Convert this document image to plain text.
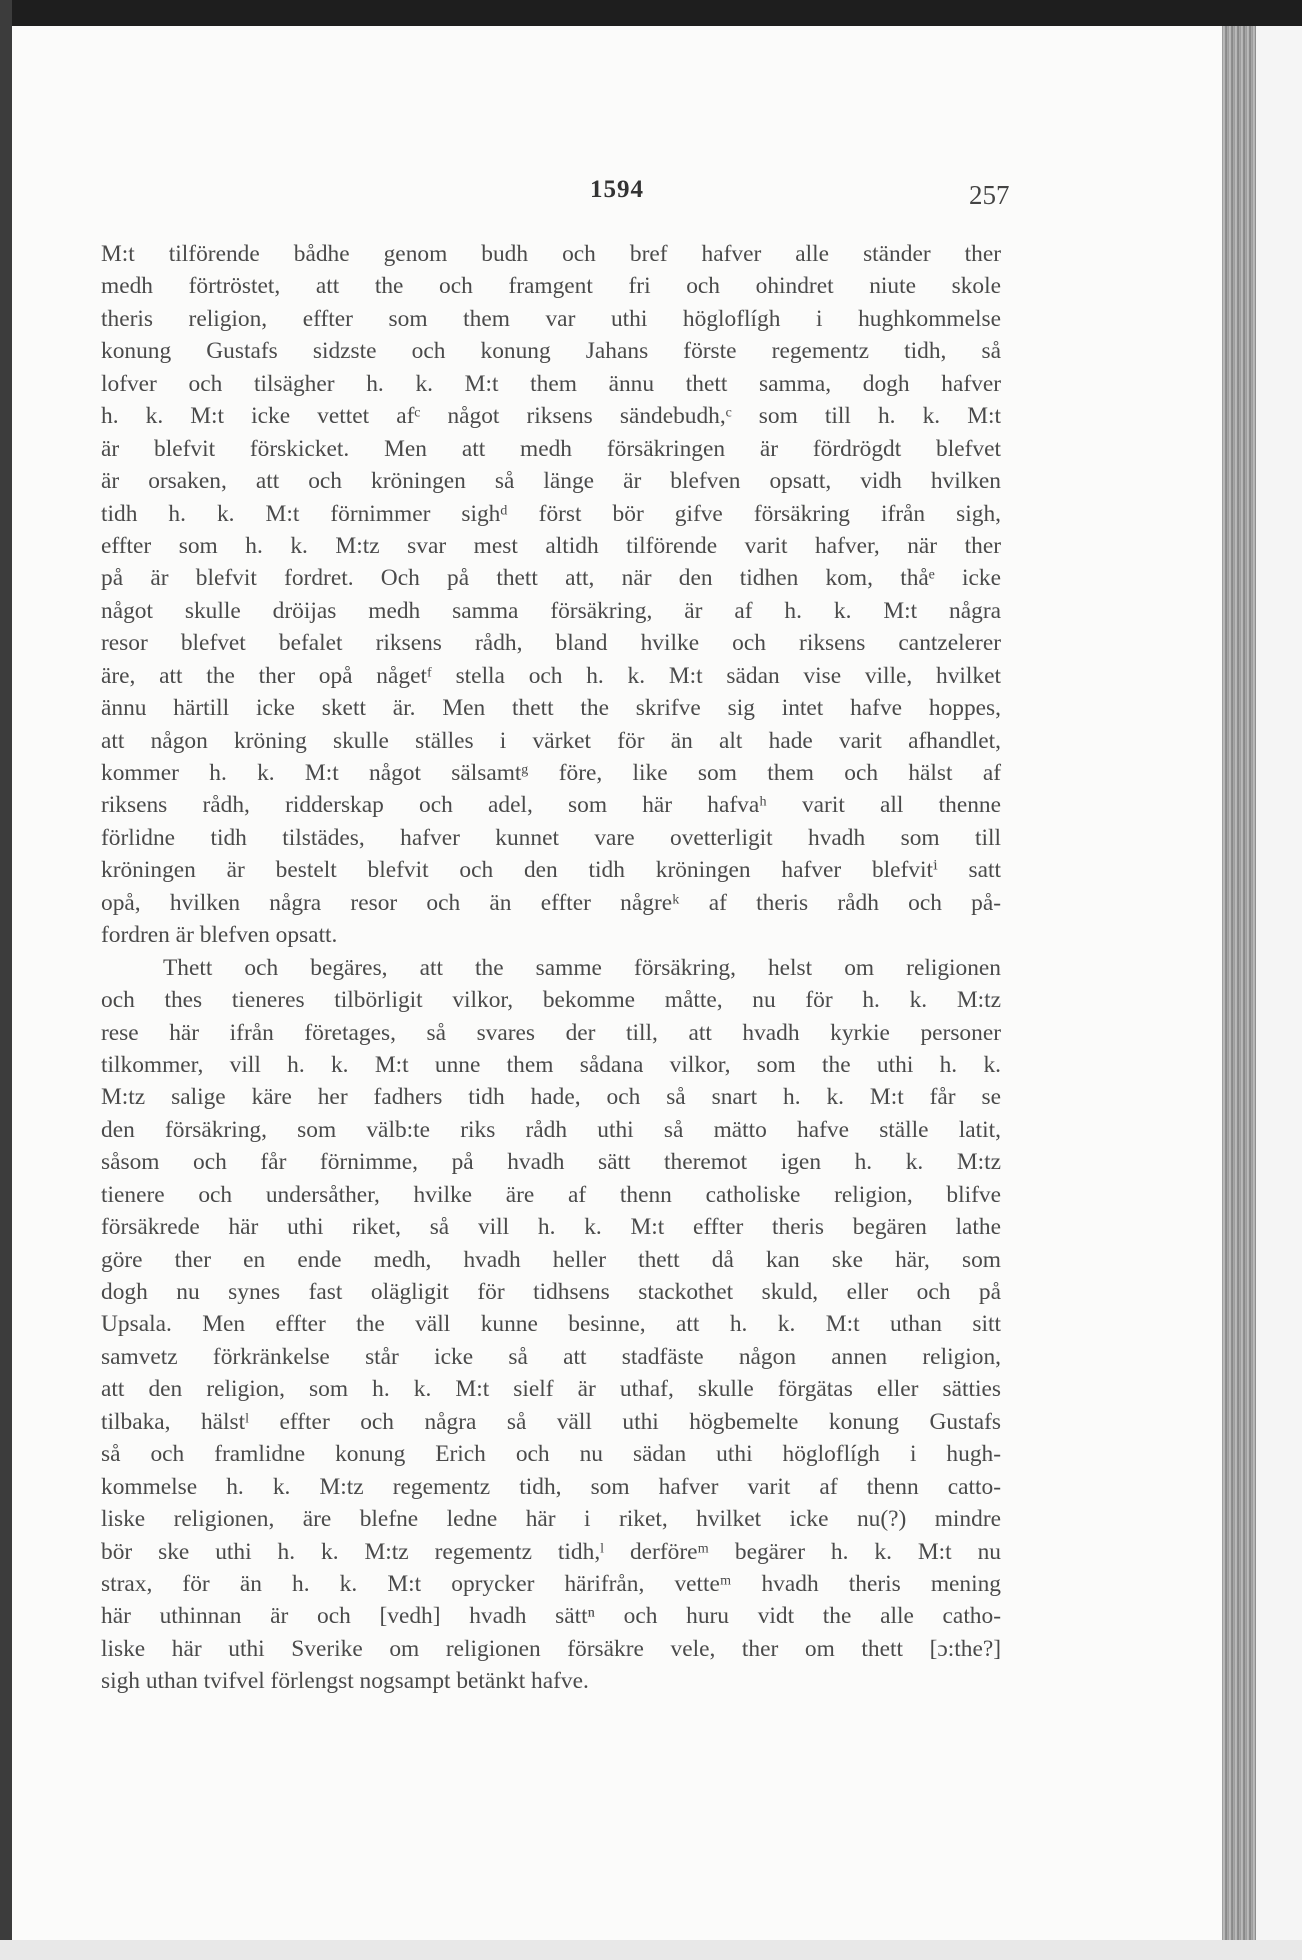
1594	257
M:t tilförende bådhe genom budh och bref hafver alle ständer ther
medh förtröstet, att the och framgent fri och ohindret niute skole
theris religion, effter som them var uthi högloflígh i hughkommelse
konung Gustafs sidzste och konung Jahans förste regementz tidh, så
lofver och tilsägher h. k. M:t them ännu thett samma, dogh hafver
h. k. M:t icke vettet afᶜ något riksens sändebudh,ᶜ som till h. k. M:t
är blefvit förskicket. Men att medh försäkringen är fördrögdt blefvet
är orsaken, att och kröningen så länge är blefven opsatt, vidh hvilken
tidh h. k. M:t förnimmer sighᵈ först bör gifve försäkring ifrån sigh,
effter som h. k. M:tz svar mest altidh tilförende varit hafver, när ther
på är blefvit fordret. Och på thett att, när den tidhen kom, thåᵉ icke
något skulle dröijas medh samma försäkring, är af h. k. M:t några
resor blefvet befalet riksens rådh, bland hvilke och riksens cantzelerer
äre, att the ther opå någetᶠ stella och h. k. M:t sädan vise ville, hvilket
ännu härtill icke skett är. Men thett the skrifve sig intet hafve hoppes,
att någon kröning skulle ställes i värket för än alt hade varit afhandlet,
kommer h. k. M:t något sälsamtᵍ före, like som them och hälst af
riksens rådh, ridderskap och adel, som här hafvaʰ varit all thenne
förlidne tidh tilstädes, hafver kunnet vare ovetterligit hvadh som till
kröningen är bestelt blefvit och den tidh kröningen hafver blefvitⁱ satt
opå, hvilken några resor och än effter någreᵏ af theris rådh och på-
fordren är blefven opsatt.
Thett och begäres, att the samme försäkring, helst om religionen
och thes tieneres tilbörligit vilkor, bekomme måtte, nu för h. k. M:tz
rese här ifrån företages, så svares der till, att hvadh kyrkie personer
tilkommer, vill h. k. M:t unne them sådana vilkor, som the uthi h. k.
M:tz salige käre her fadhers tidh hade, och så snart h. k. M:t får se
den försäkring, som välb:te riks rådh uthi så mätto hafve ställe latit,
såsom och får förnimme, på hvadh sätt theremot igen h. k. M:tz
tienere och undersåther, hvilke äre af thenn catholiske religion, blifve
försäkrede här uthi riket, så vill h. k. M:t effter theris begären lathe
göre ther en ende medh, hvadh heller thett då kan ske här, som
dogh nu synes fast olägligit för tidhsens stackothet skuld, eller och på
Upsala. Men effter the väll kunne besinne, att h. k. M:t uthan sitt
samvetz förkränkelse står icke så att stadfäste någon annen religion,
att den religion, som h. k. M:t sielf är uthaf, skulle förgätas eller sätties
tilbaka, hälstˡ effter och några så väll uthi högbemelte konung Gustafs
så och framlidne konung Erich och nu sädan uthi högloflígh i hugh-
kommelse h. k. M:tz regementz tidh, som hafver varit af thenn catto-
liske religionen, äre blefne ledne här i riket, hvilket icke nu(?) mindre
bör ske uthi h. k. M:tz regementz tidh,ˡ derföreᵐ begärer h. k. M:t nu
strax, för än h. k. M:t oprycker härifrån, vetteᵐ hvadh theris mening
här uthinnan är och [vedh] hvadh sättⁿ och huru vidt the alle catho-
liske här uthi Sverike om religionen försäkre vele, ther om thett [ɔ:the?]
sigh uthan tvifvel förlengst nogsampt betänkt hafve.
